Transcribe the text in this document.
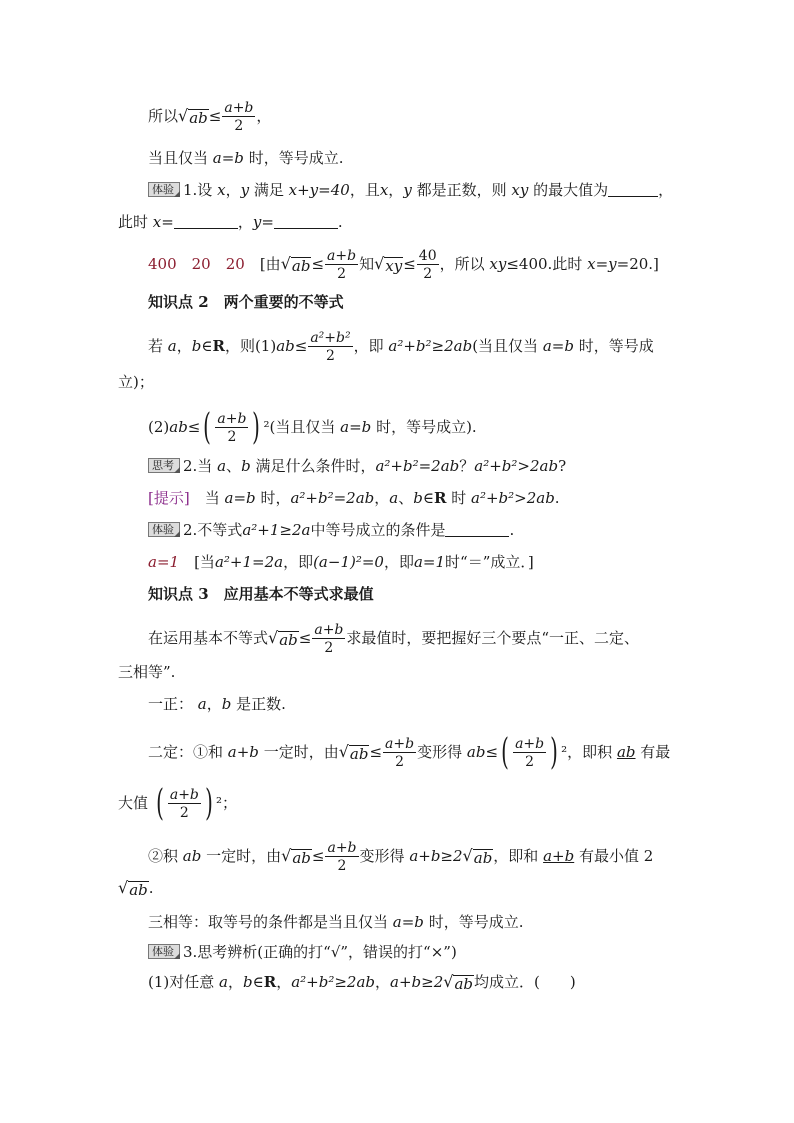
所以 √ ab ≤ $\frac{a+b}{2}$ ，
当且仅当 a=b 时，等号成立.
体验 1.设 x，y 满足 x+y=40，且x，y 都是正数，则 xy 的最大值为	，
此时 x=	，y=	.
400　20　20　 [由 √ ab ≤ $\frac{a+b}{2}$ 知 √ xy ≤ $\frac{40}{2}$ ，所以 xy≤400.此时 x=y=20.]
知识点 2　两个重要的不等式
若 a，b∈R，则$(1)ab\le \frac{\text{a²+b²}}{2}$ ，即 a²+b²≥2ab(当且仅当 a=b 时，等号成
立)；
(2)ab≤ ( $\frac{a+b}{2}$ ) ²(当且仅当 a=b 时，等号成立).
思考 2.当 a、b 满足什么条件时，a²+b²=2ab？a²+b²>2ab?
[提示]　 当 a=b 时，a²+b²=2ab，a、b∈R 时 a²+b²>2ab.
体验 2.不等式a²+1≥2a中等号成立的条件是	.
a=1　 [当a²+1=2a，即(a−1)²=0，即a=1时“＝”成立．]
知识点 3　应用基本不等式求最值
在运用基本不等式 √ ab ≤ $\frac{a+b}{2}$ 求最值时，要把握好三个要点“一正、二定、
三相等”.
一正： a，b 是正数.
二定：①和 a+b 一定时，由 √ ab ≤ $\frac{a+b}{2}$ 变形得 ab≤ ( $\frac{a+b}{2}$ ) ²，即积 ab 有最
大值 ( $\frac{a+b}{2}$ ) ²；
②积 ab 一定时，由 √ ab ≤ $\frac{a+b}{2}$ 变形得 a+b≥2 √ ab ，即和 a+b 有最小值 2
√ ab .
三相等：取等号的条件都是当且仅当 a=b 时，等号成立.
体验 3.思考辨析(正确的打“√”，错误的打“×”)
(1)对任意 a，b∈R，a²+b²≥2ab，a+b≥2 √ ab 均成立．(　　)
